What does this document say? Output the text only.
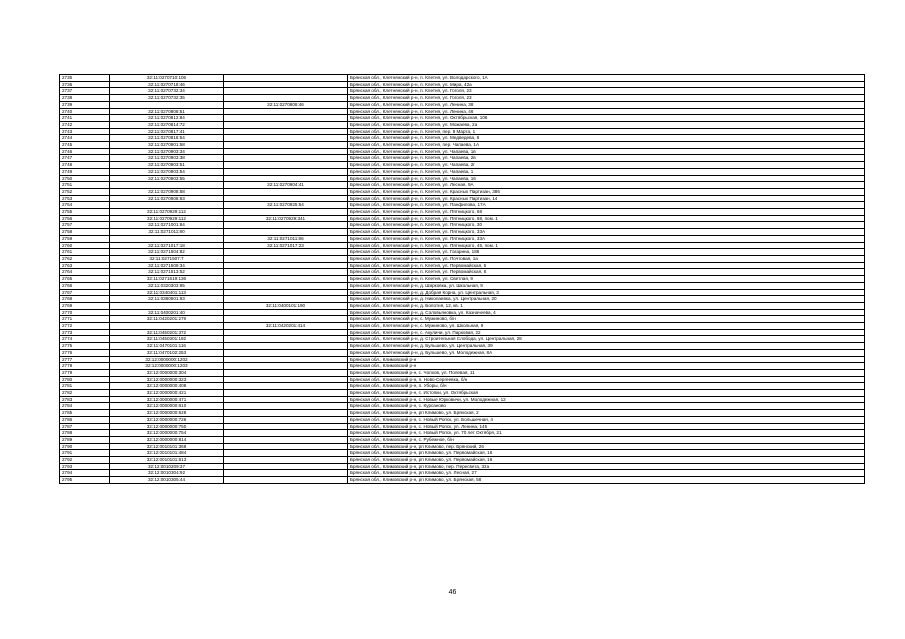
2735	32:11:0270710:106		Брянская обл., Клетнянский р-н, п. Клетня, ул. Володарского, 1А
2736	32:11:0270718:46		Брянская обл., Клетнянский р-н, п. Клетня, ул. Мира, 42а
2737	32:11:0270732:34		Брянская обл., Клетнянский р-н, п. Клетня, ул. Гоголя, 23
2738	32:11:0270732:35		Брянская обл., Клетнянский р-н, п. Клетня, ул. Гоголя, 23
2739		32:11:0270808:46	Брянская обл., Клетнянский р-н, п. Клетня, ул. Ленина, 38
2740	32:11:0270808:51		Брянская обл., Клетнянский р-н, п. Клетня, ул. Ленина, 46
2741	32:11:0270812:84		Брянская обл., Клетнянский р-н, п. Клетня, ул. Октябрьская, 106
2742	32:11:0270814:72		Брянская обл., Клетнянский р-н, п. Клетня, ул. Можаева, 2а
2743	32:11:0270817:41		Брянская обл., Клетнянский р-н, п. Клетня, пер. 8 Марта, 1
2744	32:11:0270818:54		Брянская обл., Клетнянский р-н, п. Клетня, ул. Медведева, 8
2745	32:11:0270901:58		Брянская обл., Клетнянский р-н, п. Клетня, пер. Чапаева, 1А
2746	32:11:0270903:34		Брянская обл., Клетнянский р-н, п. Клетня, ул. Чапаева, 1в
2747	32:11:0270903:38		Брянская обл., Клетнянский р-н, п. Клетня, ул. Чапаева, 2в
2748	32:11:0270903:51		Брянская обл., Клетнянский р-н, п. Клетня, ул. Чапаева, 2г
2749	32:11:0270903:54		Брянская обл., Клетнянский р-н, п. Клетня, ул. Чапаева, 1
2750	32:11:0270903:55		Брянская обл., Клетнянский р-н, п. Клетня, ул. Чапаева, 16
2751		32:11:0270904:41	Брянская обл., Клетнянский р-н, п. Клетня, ул. Лесная, 9А
2752	32:11:0270908:58		Брянская обл., Клетнянский р-н, п. Клетня, ул. Красных Партизан, 386
2753	32:11:0270908:63		Брянская обл., Клетнянский р-н, п. Клетня, ул. Красных Партизан, 14
2754		32:11:0270925:54	Брянская обл., Клетнянский р-н, п. Клетня, ул. Панфилова, 17А
2755	32:11:0270929:112		Брянская обл., Клетнянский р-н, п. Клетня, ул. Пятницкого, 68
2756	32:11:0270929:112	32:11:0270929:341	Брянская обл., Клетнянский р-н, п. Клетня, ул. Пятницкого, 68, пом. 1
2757	32:11:0271001:84		Брянская обл., Клетнянский р-н, п. Клетня, ул. Пятницкого, 30
2758	32:11:0271011:80		Брянская обл., Клетнянский р-н, п. Клетня, ул. Пятницкого, 33А
2759		32:11:0271011:86	Брянская обл., Клетнянский р-н, п. Клетня, ул. Пятницкого, 33А
2760	32:11:0271017:18	32:11:0271017:23	Брянская обл., Клетнянский р-н, п. Клетня, ул. Пятницкого, 45, пом. 1
2761	32:11:0271504:82		Брянская обл., Клетнянский р-н, п. Клетня, ул. Гагарина, 186
2762	32:11:0271507:7		Брянская обл., Клетнянский р-н, п. Клетня, ул. Почтовая, 1а
2763	32:11:0271509:34		Брянская обл., Клетнянский р-н, п. Клетня, ул. Первомайская, 6
2764	32:11:0271513:52		Брянская обл., Клетнянский р-н, п. Клетня, ул. Первомайская, 8
2765	32:11:0271519:136		Брянская обл., Клетнянский р-н, п. Клетня, ул. Светлая, 9
2766	32:11:0320303:95		Брянская обл., Клетнянский р-н, д. Ширковка, ул. Школьная, 9
2767	32:11:0340401:113		Брянская обл., Клетнянский р-н, д. Добрая Корна, ул. Центральная, 3
2768	32:11:0380501:93		Брянская обл., Клетнянский р-н, д. Николаевка, ул. Центральная, 20
2769		32:11:0400101:190	Брянская обл., Клетнянский р-н, д. Болотня, 12, кв. 1
2770	32:11:0400201:40		Брянская обл., Клетнянский р-н, д. Соловьяновка, ул. Казначеева, 4
2771	32:11:0420201:279		Брянская обл., Клетнянский р-н, с. Мужиново, б/н
2772		32:11:0420201:414	Брянская обл., Клетнянский р-н, с. Мужиново, ул. Школьная, 9
2773	32:11:0450201:372		Брянская обл., Клетнянский р-н, с. Акуличи, ул. Парковая, 22
2774	32:11:0450301:192		Брянская обл., Клетнянский р-н, д. Строительная Слобода, ул. Центральная, 28
2775	32:11:0470101:116		Брянская обл., Клетнянский р-н, д. Бульшево, ул. Центральная, 39
2776	32:11:0470102:253		Брянская обл., Клетнянский р-н, д. Бульшево, ул. Молодежная, 8А
2777	32:12:0000000:1202		Брянская обл., Климовский р-н
2778	32:12:0000000:1203		Брянская обл., Климовский р-н
2779	32:12:0000000:304		Брянская обл., Климовский р-н, с. Чолхов, ул. Полевая, 11
2780	32:12:0000000:323		Брянская обл., Климовский р-н, п. Ново-Сергеевка, б/н
2781	32:12:0000000:408		Брянская обл., Климовский р-н, п. Уборы, б/н
2782	32:12:0000000:421		Брянская обл., Климовский р-н, с. Истопки, ул. Октябрьская
2783	32:12:0000000:471		Брянская обл., Климовский р-н, с. Новые Юрковичи, ул. Молодежная, 12
2784	32:12:0000000:610		Брянская обл., Климовский р-н, с. Курсаново
2785	32:12:0000000:628		Брянская обл., Климовский р-н, рп Климово, ул. Брянская, 2
2786	32:12:0000000:726		Брянская обл., Климовский р-н, с. Новый Ропск, ул. Большечная, 4
2787	32:12:0000000:750		Брянская обл., Климовский р-н, с. Новый Ропск, ул. Ленина, 145
2788	32:12:0000000:754		Брянская обл., Климовский р-н, с. Новый Ропск, ул. 70 лет Октября, 21
2789	32:12:0000000:814		Брянская обл., Климовский р-н, с. Рубежное, б/н
2790	32:12:0010101:368		Брянская обл., Климовский р-н, рп Климово, пер. Брянский, 26
2791	32:12:0010101:484		Брянская обл., Климовский р-н, рп Климово, ул. Первомайская, 16
2792	32:12:0010101:613		Брянская обл., Климовский р-н, рп Климово, ул. Первомайская, 16
2793	32:12:0010209:37		Брянская обл., Климовский р-н, рп Климово, пер. Пересвета, 32а
2794	32:12:0010304:92		Брянская обл., Климовский р-н, рп Климово, ул. Лесная, 27
2795	32:12:0010305:44		Брянская обл., Климовский р-н, рп Климово, ул. Брянская, 58
46
